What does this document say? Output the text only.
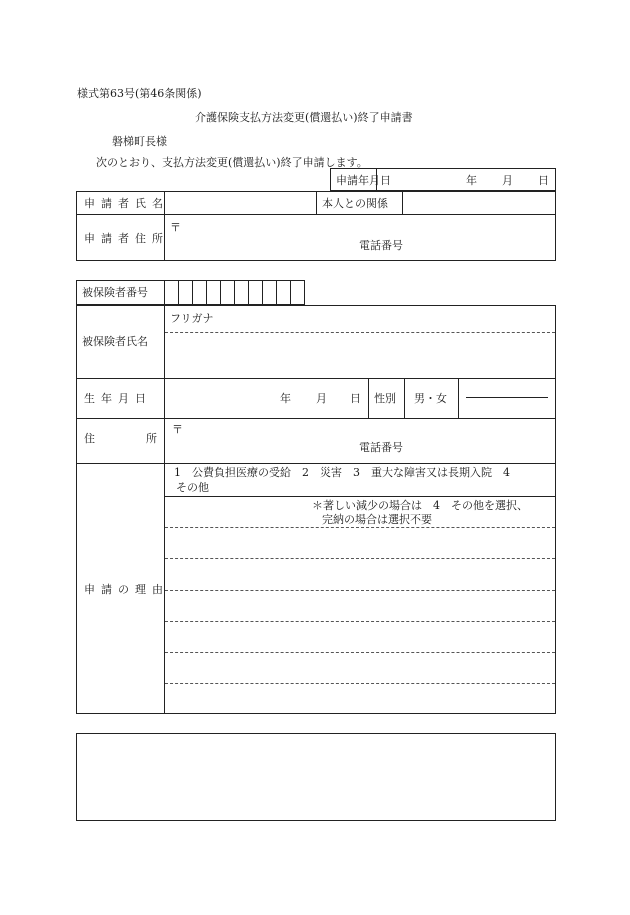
様式第63号(第46条関係)
介護保険支払方法変更(償還払い)終了申請書
磐梯町長様
次のとおり、支払方法変更(償還払い)終了申請します。
申請年月日	年 月 日
申請者氏名	本人との関係
申請者住所
〒
電話番号
被保険者番号
フリガナ
被保険者氏名
生年月日	年 月 日 性別 男・女
住	所
〒
電話番号
1　公費負担医療の受給　2　災害　3　重大な障害又は長期入院　4
その他
＊著しい減少の場合は　4　その他を選択、
完納の場合は選択不要
申請の理由
